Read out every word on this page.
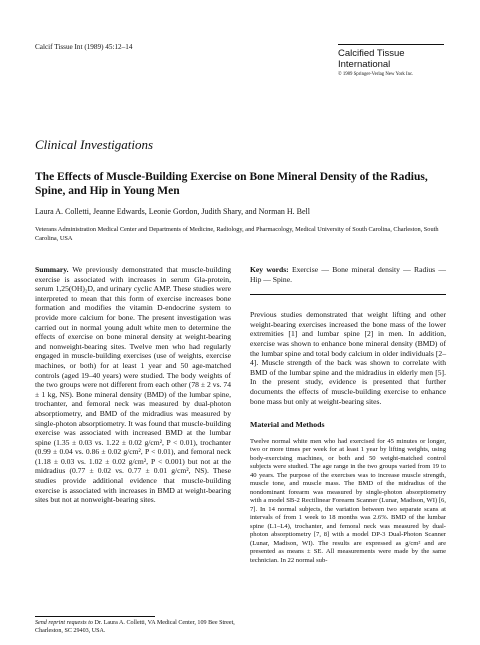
Calcif Tissue Int (1989) 45:12–14
Calcified Tissue
International
© 1989 Springer-Verlag New York Inc.
Clinical Investigations
The Effects of Muscle-Building Exercise on Bone Mineral Density of the Radius, Spine, and Hip in Young Men
Laura A. Colletti, Jeanne Edwards, Leonie Gordon, Judith Shary, and Norman H. Bell
Veterans Administration Medical Center and Departments of Medicine, Radiology, and Pharmacology, Medical University of South Carolina, Charleston, South Carolina, USA
Summary. We previously demonstrated that muscle-building exercise is associated with increases in serum Gla-protein, serum 1,25(OH)₂D, and urinary cyclic AMP. These studies were interpreted to mean that this form of exercise increases bone formation and modifies the vitamin D-endocrine system to provide more calcium for bone. The present investigation was carried out in normal young adult white men to determine the effects of exercise on bone mineral density at weight-bearing and nonweight-bearing sites. Twelve men who had regularly engaged in muscle-building exercises (use of weights, exercise machines, or both) for at least 1 year and 50 age-matched controls (aged 19–40 years) were studied. The body weights of the two groups were not different from each other (78 ± 2 vs. 74 ± 1 kg, NS). Bone mineral density (BMD) of the lumbar spine, trochanter, and femoral neck was measured by dual-photon absorptiometry, and BMD of the midradius was measured by single-photon absorptiometry. It was found that muscle-building exercise was associated with increased BMD at the lumbar spine (1.35 ± 0.03 vs. 1.22 ± 0.02 g/cm², P < 0.01), trochanter (0.99 ± 0.04 vs. 0.86 ± 0.02 g/cm², P < 0.01), and femoral neck (1.18 ± 0.03 vs. 1.02 ± 0.02 g/cm², P < 0.001) but not at the midradius (0.77 ± 0.02 vs. 0.77 ± 0.01 g/cm², NS). These studies provide additional evidence that muscle-building exercise is associated with increases in BMD at weight-bearing sites but not at nonweight-bearing sites.
Key words: Exercise — Bone mineral density — Radius — Hip — Spine.
Previous studies demonstrated that weight lifting and other weight-bearing exercises increased the bone mass of the lower extremities [1] and lumbar spine [2] in men. In addition, exercise was shown to enhance bone mineral density (BMD) of the lumbar spine and total body calcium in older individuals [2–4]. Muscle strength of the back was shown to correlate with BMD of the lumbar spine and the midradius in elderly men [5]. In the present study, evidence is presented that further documents the effects of muscle-building exercise to enhance bone mass but only at weight-bearing sites.
Material and Methods
Twelve normal white men who had exercised for 45 minutes or longer, two or more times per week for at least 1 year by lifting weights, using body-exercising machines, or both and 50 weight-matched control subjects were studied. The age range in the two groups varied from 19 to 40 years. The purpose of the exercises was to increase muscle strength, muscle tone, and muscle mass. The BMD of the midradius of the nondominant forearm was measured by single-photon absorptiometry with a model SB-2 Rectilinear Forearm Scanner (Lunar, Madison, WI) [6, 7]. In 14 normal subjects, the variation between two separate scans at intervals of from 1 week to 18 months was 2.6%. BMD of the lumbar spine (L1–L4), trochanter, and femoral neck was measured by dual-photon absorptiometry [7, 8] with a model DP-3 Dual-Photon Scanner (Lunar, Madison, WI). The results are expressed as g/cm² and are presented as means ± SE. All measurements were made by the same technician. In 22 normal sub-
Send reprint requests to Dr. Laura A. Colletti, VA Medical Center, 109 Bee Street, Charleston, SC 29403, USA.
